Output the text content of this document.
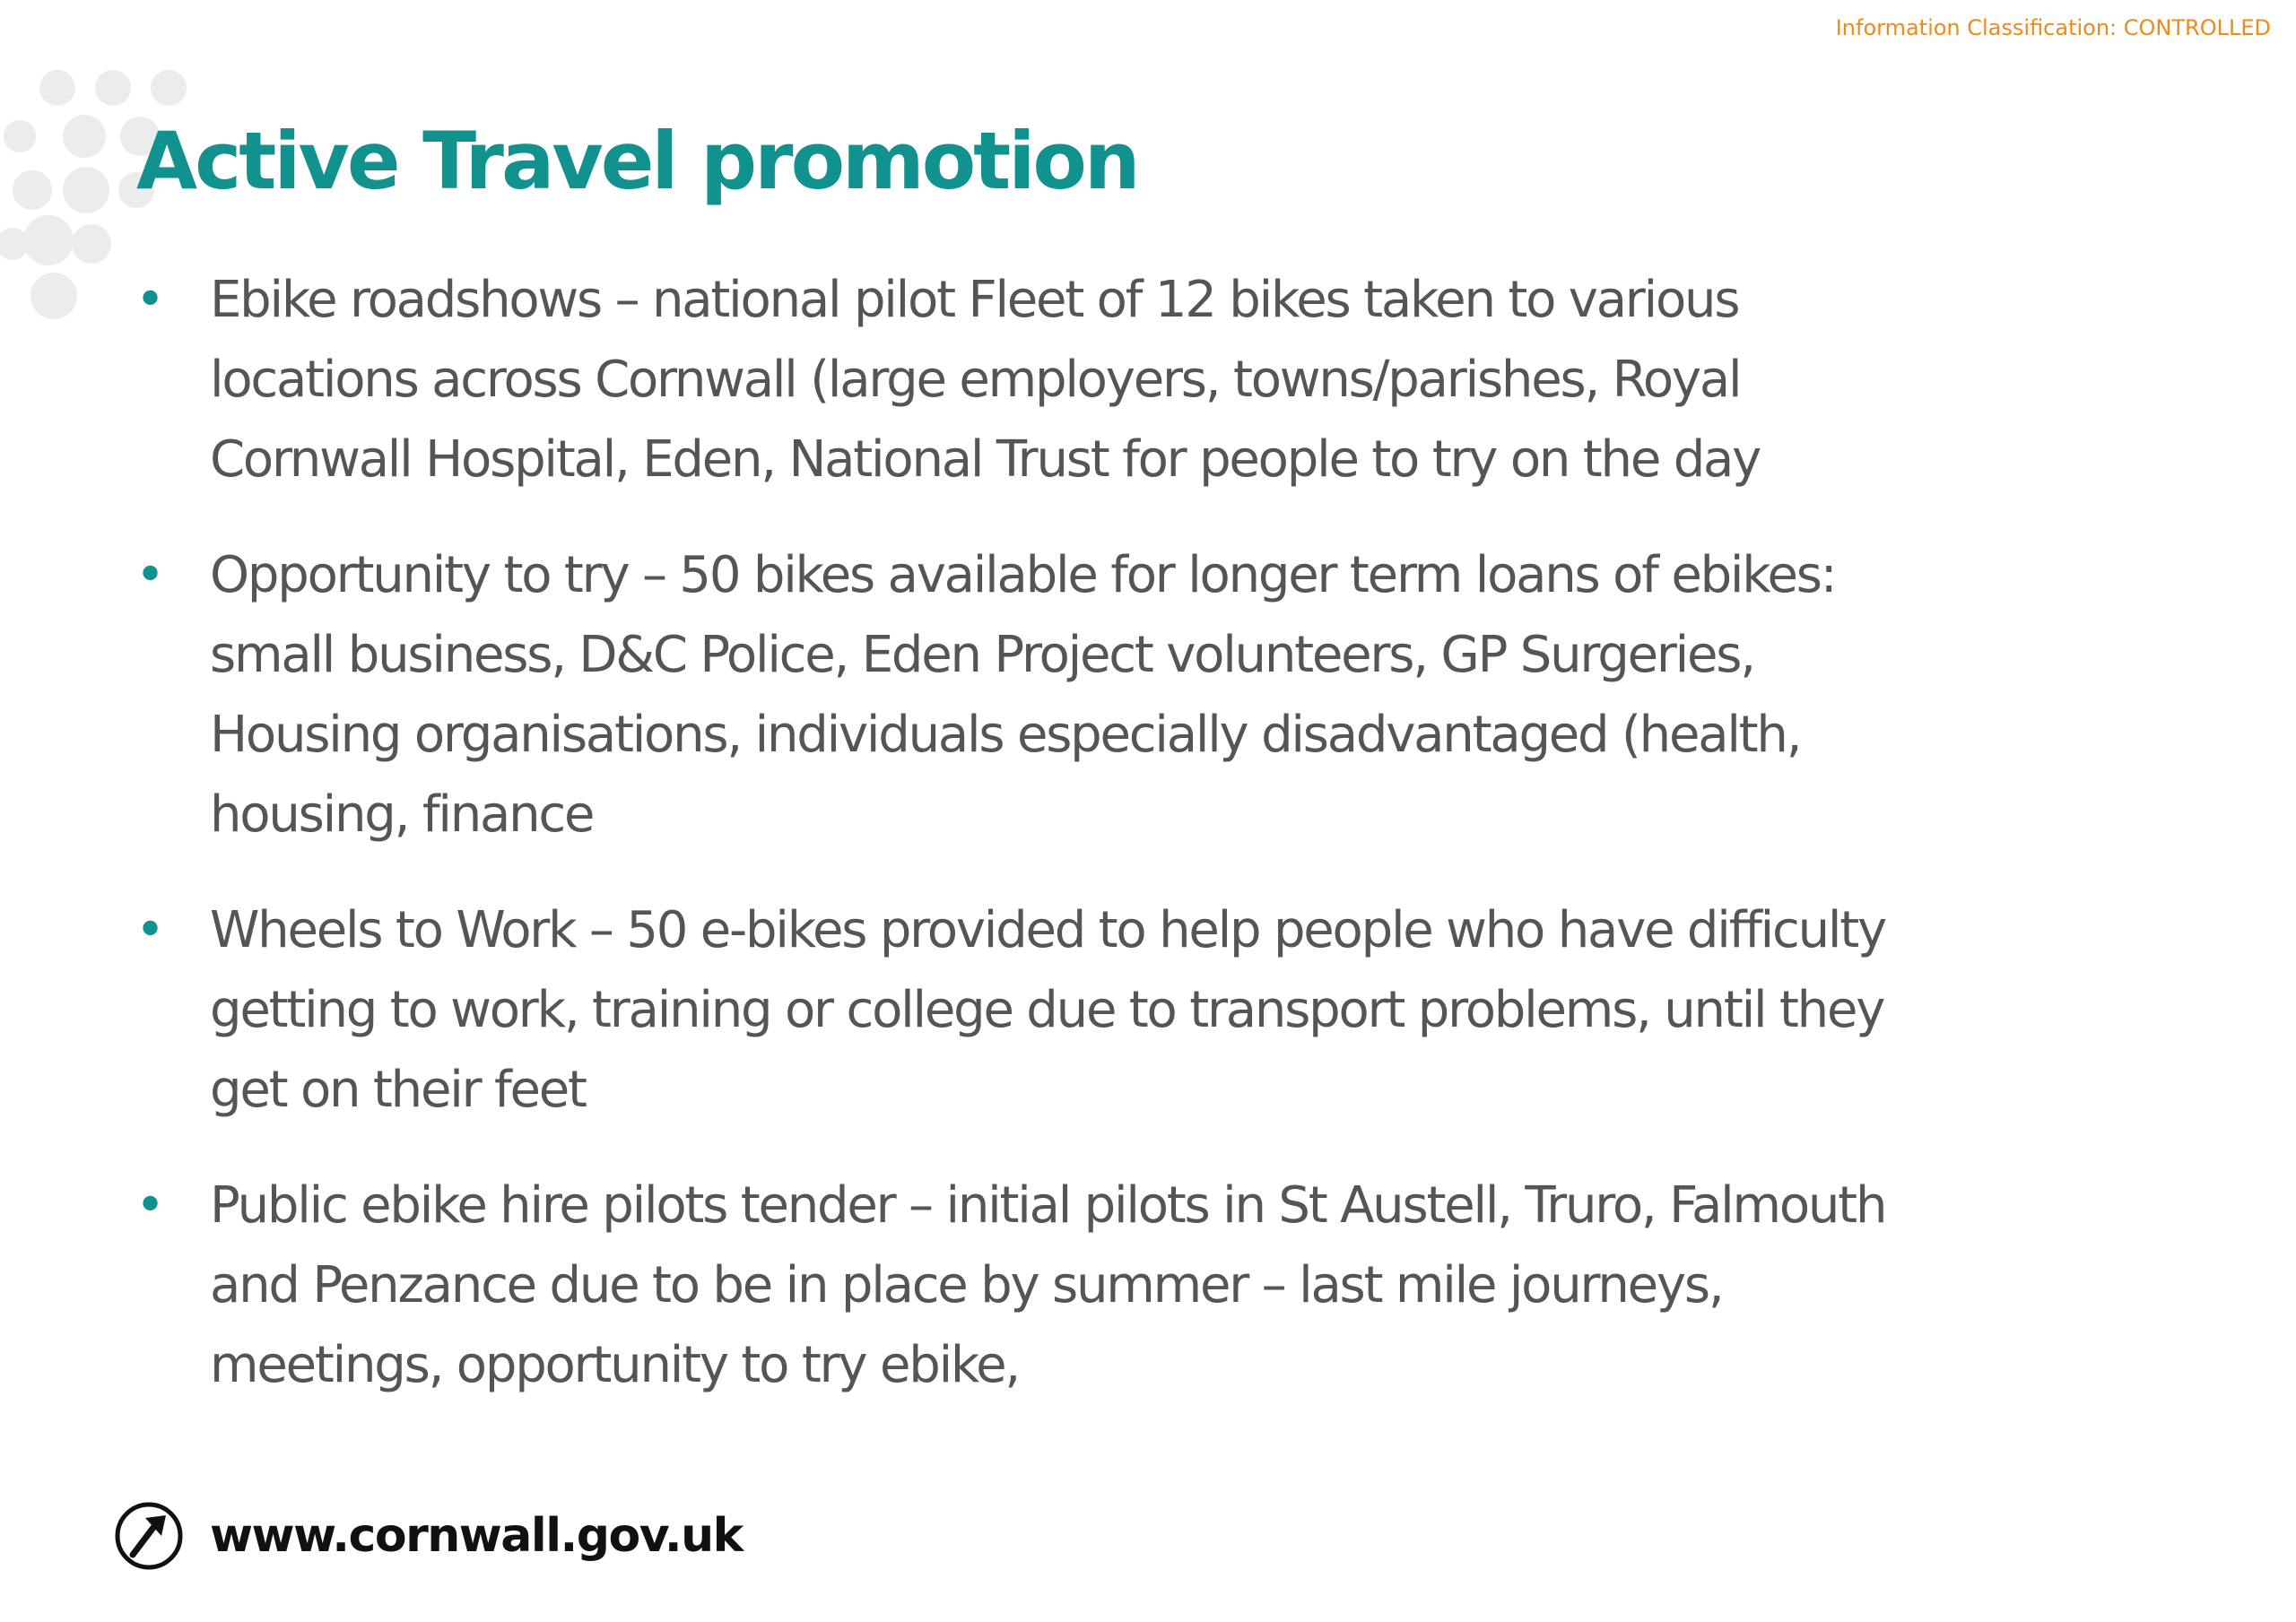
Information Classification: CONTROLLED
Active Travel promotion
• Ebike roadshows – national pilot Fleet of 12 bikes taken to various
locations across Cornwall (large employers, towns/parishes, Royal
Cornwall Hospital, Eden, National Trust for people to try on the day
• Opportunity to try – 50 bikes available for longer term loans of ebikes:
small business, D&C Police, Eden Project volunteers, GP Surgeries,
Housing organisations, individuals especially disadvantaged (health,
housing, finance
• Wheels to Work – 50 e-bikes provided to help people who have difficulty
getting to work, training or college due to transport problems, until they
get on their feet
• Public ebike hire pilots tender – initial pilots in St Austell, Truro, Falmouth
and Penzance due to be in place by summer – last mile journeys,
meetings, opportunity to try ebike,
www.cornwall.gov.uk
